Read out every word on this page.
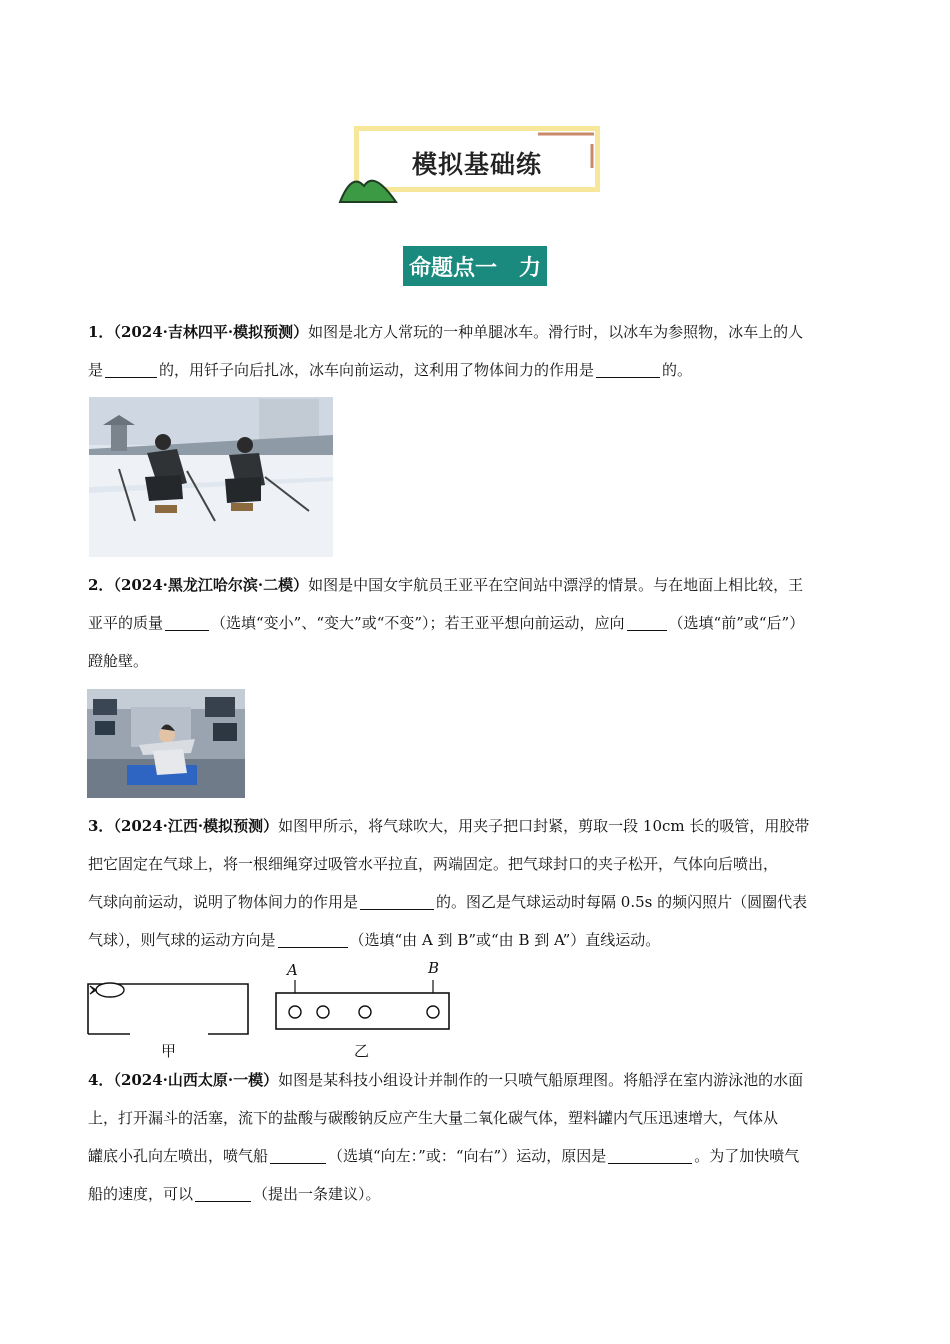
模拟基础练
命题点一 力
1．（2024·吉林四平·模拟预测）如图是北方人常玩的一种单腿冰车。滑行时，以冰车为参照物，冰车上的人
是	的，用钎子向后扎冰，冰车向前运动，这利用了物体间力的作用是	的。
2．（2024·黑龙江哈尔滨·二模）如图是中国女宇航员王亚平在空间站中漂浮的情景。与在地面上相比较，王
亚平的质量	（选填“变小”、“变大”或“不变”）；若王亚平想向前运动，应向	（选填“前”或“后”）
蹬舱壁。
3．（2024·江西·模拟预测）如图甲所示，将气球吹大，用夹子把口封紧，剪取一段 10cm 长的吸管，用胶带
把它固定在气球上，将一根细绳穿过吸管水平拉直，两端固定。把气球封口的夹子松开，气体向后喷出，
气球向前运动，说明了物体间力的作用是	的。图乙是气球运动时每隔 0.5s 的频闪照片（圆圈代表
气球），则气球的运动方向是	（选填“由 A 到 B”或“由 B 到 A”）直线运动。
甲
A	B
乙
4．（2024·山西太原·一模）如图是某科技小组设计并制作的一只喷气船原理图。将船浮在室内游泳池的水面
上，打开漏斗的活塞，流下的盐酸与碳酸钠反应产生大量二氧化碳气体，塑料罐内气压迅速增大，气体从
罐底小孔向左喷出，喷气船	（选填“向左：”或：“向右”）运动，原因是	。为了加快喷气
船的速度，可以	（提出一条建议）。
